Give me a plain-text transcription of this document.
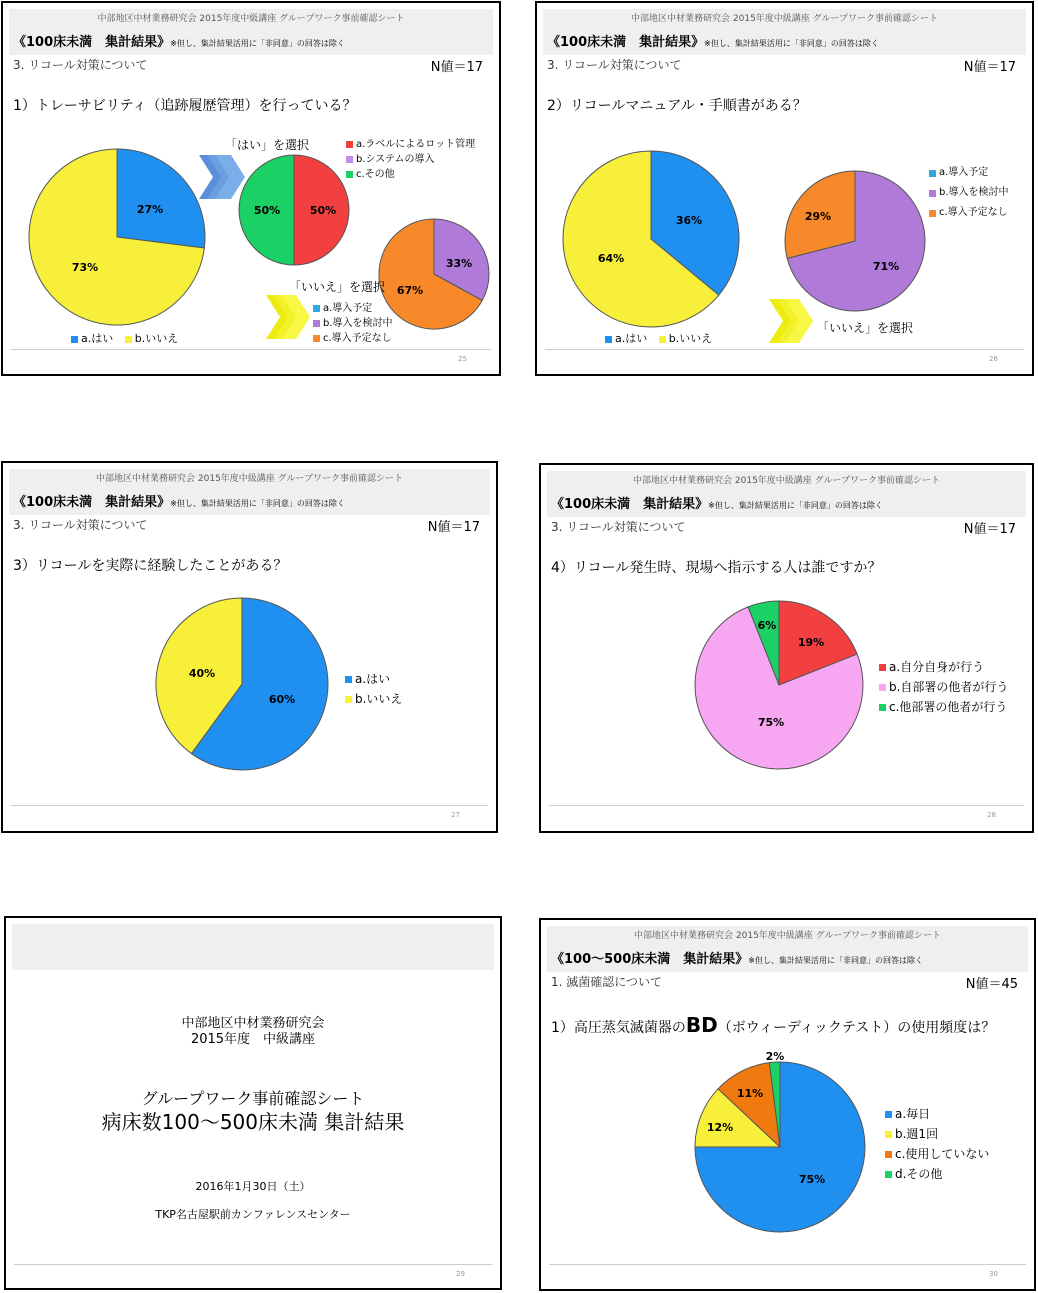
中部地区中材業務研究会 2015年度中級講座 グループワーク事前確認シート
《100床未満　集計結果》※但し、集計結果活用に「非同意」の回答は除く
3. リコール対策について	N値＝17
1）トレーサビリティ（追跡履歴管理）を行っている？
27%
73%
a.はい
b.いいえ
「はい」を選択
50%
50%
a.ラベルによるロット管理
b.システムの導入
c.その他
33%
67%
「いいえ」を選択
a.導入予定
b.導入を検討中
c.導入予定なし
25
中部地区中材業務研究会 2015年度中級講座 グループワーク事前確認シート
《100床未満　集計結果》※但し、集計結果活用に「非同意」の回答は除く
3. リコール対策について	N値＝17
2）リコールマニュアル・手順書がある？
36%
64%
a.はい
b.いいえ
71%
29%
a.導入予定
b.導入を検討中
c.導入予定なし
「いいえ」を選択
26
中部地区中材業務研究会 2015年度中級講座 グループワーク事前確認シート
《100床未満　集計結果》※但し、集計結果活用に「非同意」の回答は除く
3. リコール対策について	N値＝17
3）リコールを実際に経験したことがある？
60%
40%	a.はい
b.いいえ
27
中部地区中材業務研究会 2015年度中級講座 グループワーク事前確認シート
《100床未満　集計結果》※但し、集計結果活用に「非同意」の回答は除く
3. リコール対策について	N値＝17
4）リコール発生時、現場へ指示する人は誰ですか？
19%
75%
6%
a.自分自身が行う
b.自部署の他者が行う
c.他部署の他者が行う
28
中部地区中材業務研究会
2015年度　中級講座
グループワーク事前確認シート
病床数100～500床未満 集計結果
2016年1月30日（土）
TKP名古屋駅前カンファレンスセンター
29
中部地区中材業務研究会 2015年度中級講座 グループワーク事前確認シート
《100～500床未満　集計結果》※但し、集計結果活用に「非同意」の回答は除く
1. 滅菌確認について	N値＝45
1）高圧蒸気滅菌器のBD（ボウィーディックテスト）の使用頻度は？
75%
12%
11%
2%
a.毎日
b.週1回
c.使用していない
d.その他
30
